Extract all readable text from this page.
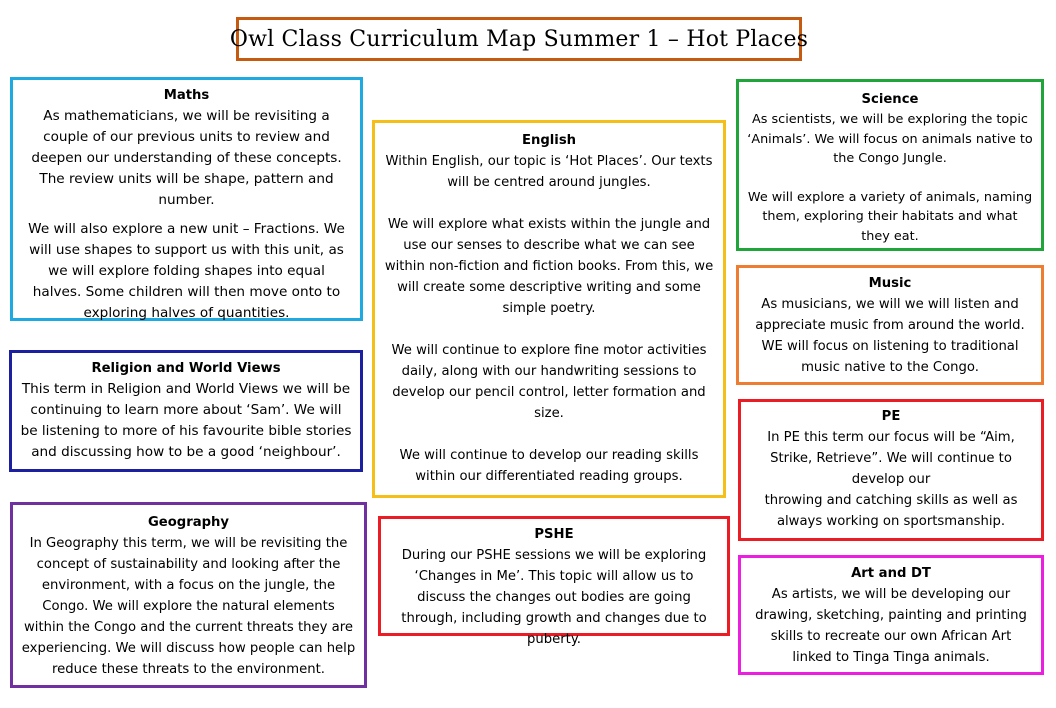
Owl Class Curriculum Map Summer 1 – Hot Places
Maths

As mathematicians, we will be revisiting a couple of our previous units to review and deepen our understanding of these concepts. The review units will be shape, pattern and number.

We will also explore a new unit – Fractions. We will use shapes to support us with this unit, as we will explore folding shapes into equal halves. Some children will then move onto to exploring halves of quantities.

Religion and World Views

This term in Religion and World Views we will be continuing to learn more about ‘Sam’. We will be listening to more of his favourite bible stories and discussing how to be a good ‘neighbour’.

Geography

In Geography this term, we will be revisiting the concept of sustainability and looking after the environment, with a focus on the jungle, the Congo. We will explore the natural elements within the Congo and the current threats they are experiencing. We will discuss how people can help reduce these threats to the environment.

English

Within English, our topic is ‘Hot Places’. Our texts will be centred around jungles.

We will explore what exists within the jungle and use our senses to describe what we can see within non-fiction and fiction books. From this, we will create some descriptive writing and some simple poetry.

We will continue to explore fine motor activities daily, along with our handwriting sessions to develop our pencil control, letter formation and size.

We will continue to develop our reading skills within our differentiated reading groups.

PSHE

During our PSHE sessions we will be exploring ‘Changes in Me’. This topic will allow us to discuss the changes out bodies are going through, including growth and changes due to puberty.

Science

As scientists, we will be exploring the topic ‘Animals’. We will focus on animals native to the Congo Jungle.

We will explore a variety of animals, naming them, exploring their habitats and what they eat.

Music

As musicians, we will we will listen and appreciate music from around the world. WE will focus on listening to traditional music native to the Congo.

PE

In PE this term our focus will be “Aim, Strike, Retrieve”. We will continue to develop our

throwing and catching skills as well as always working on sportsmanship.

Art and DT

As artists, we will be developing our drawing, sketching, painting and printing skills to recreate our own African Art linked to Tinga Tinga animals.
